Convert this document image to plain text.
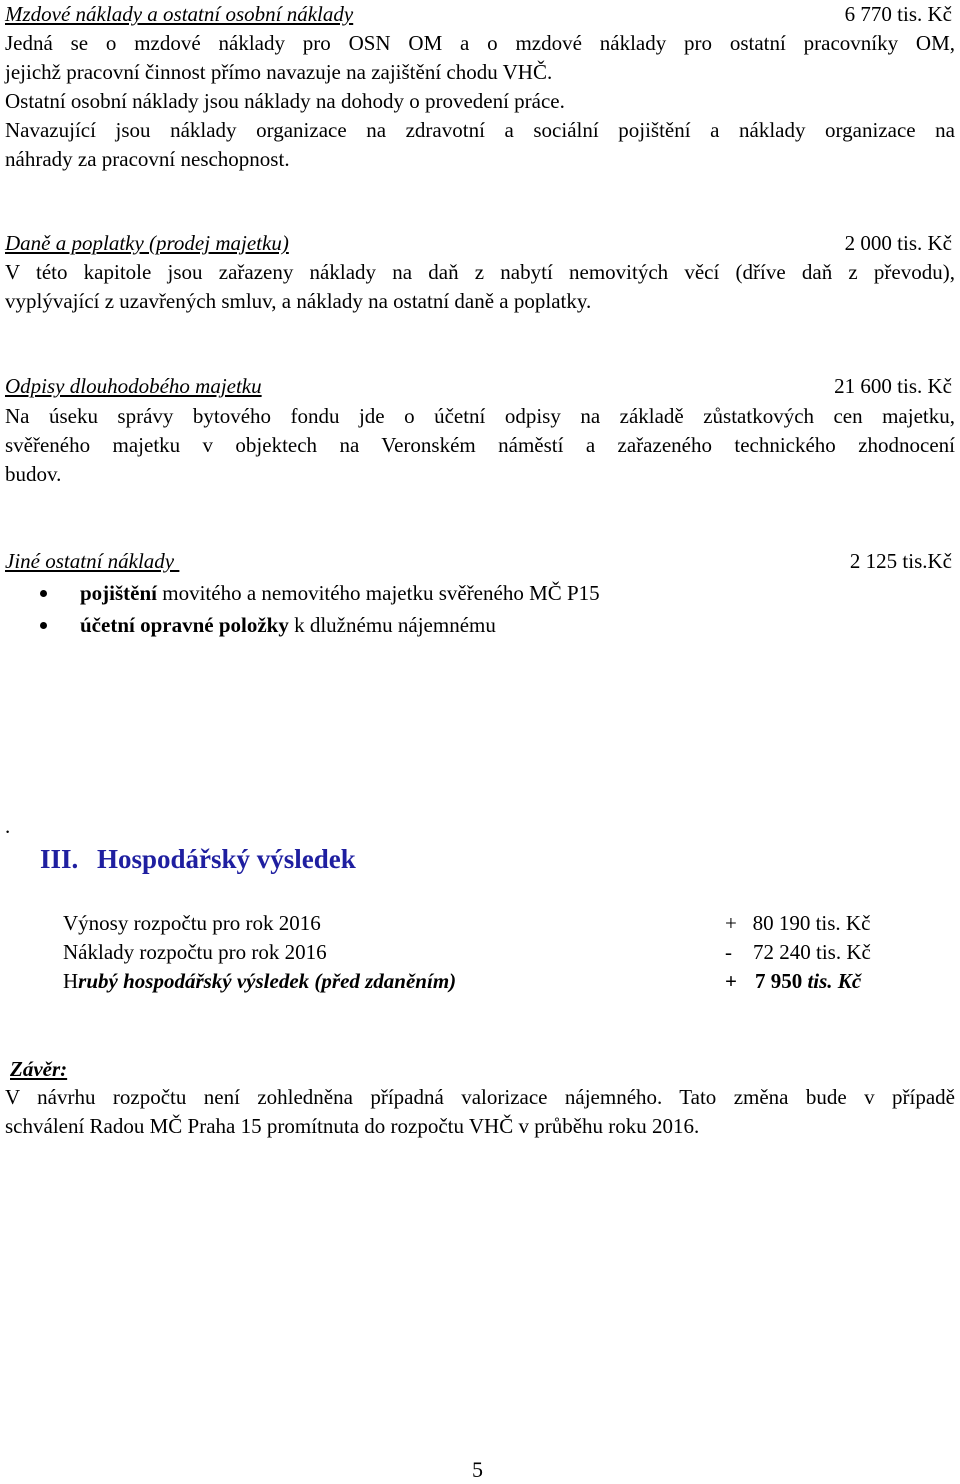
Mzdové náklady a ostatní osobní náklady	6 770 tis. Kč
Jedná se o mzdové náklady pro OSN OM a o mzdové náklady pro ostatní pracovníky OM,
jejichž pracovní činnost přímo navazuje na zajištění chodu VHČ.
Ostatní osobní náklady jsou náklady na dohody o provedení práce.
Navazující jsou náklady organizace na zdravotní a sociální pojištění a náklady organizace na
náhrady za pracovní neschopnost.
Daně a poplatky (prodej majetku)	2 000 tis. Kč
V této kapitole jsou zařazeny náklady na daň z nabytí nemovitých věcí (dříve daň z převodu),
vyplývající z uzavřených smluv, a náklady na ostatní daně a poplatky.
Odpisy dlouhodobého majetku	21 600 tis. Kč
Na úseku správy bytového fondu jde o účetní odpisy na základě zůstatkových cen majetku,
svěřeného majetku v objektech na Veronském náměstí a zařazeného technického zhodnocení
budov.
Jiné ostatní náklady	2 125 tis.Kč
pojištění movitého a nemovitého majetku svěřeného MČ P15
účetní opravné položky k dlužnému nájemnému
.
III. Hospodářský výsledek
Výnosy rozpočtu pro rok 2016	+   80 190 tis. Kč
Náklady rozpočtu pro rok 2016	-    72 240 tis. Kč
Hrubý hospodářský výsledek (před zdaněním)	+ 7 950 tis. Kč
Závěr:
V návrhu rozpočtu není zohledněna případná valorizace nájemného. Tato změna bude v případě
schválení Radou MČ Praha 15 promítnuta do rozpočtu VHČ v průběhu roku 2016.
5
